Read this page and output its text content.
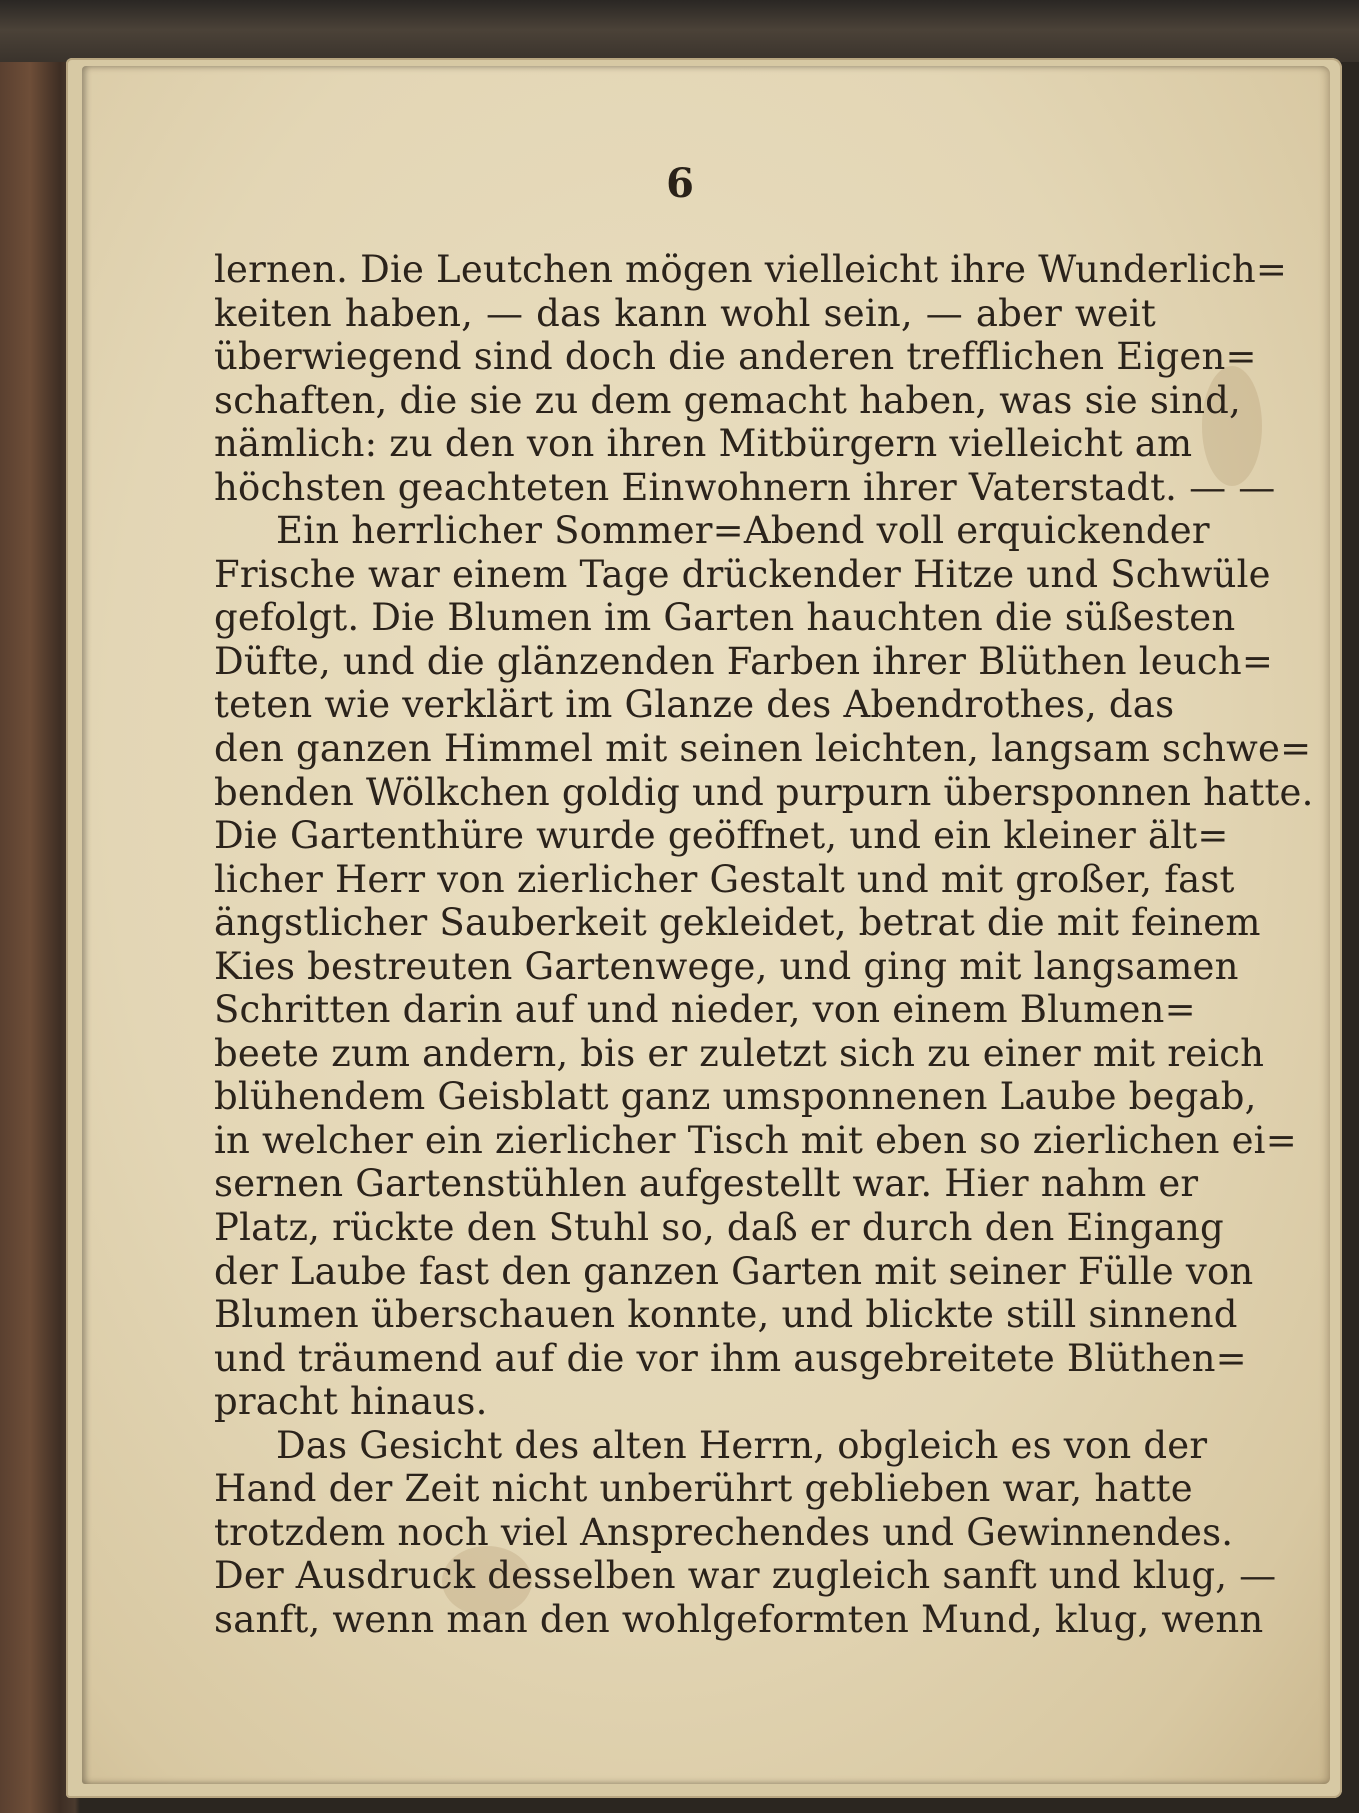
6
lernen. Die Leutchen mögen vielleicht ihre Wunderlich=
keiten haben, — das kann wohl sein, — aber weit
überwiegend sind doch die anderen trefflichen Eigen=
schaften, die sie zu dem gemacht haben, was sie sind,
nämlich: zu den von ihren Mitbürgern vielleicht am
höchsten geachteten Einwohnern ihrer Vaterstadt. — —
Ein herrlicher Sommer=Abend voll erquickender
Frische war einem Tage drückender Hitze und Schwüle
gefolgt. Die Blumen im Garten hauchten die süßesten
Düfte, und die glänzenden Farben ihrer Blüthen leuch=
teten wie verklärt im Glanze des Abendrothes, das
den ganzen Himmel mit seinen leichten, langsam schwe=
benden Wölkchen goldig und purpurn übersponnen hatte.
Die Gartenthüre wurde geöffnet, und ein kleiner ält=
licher Herr von zierlicher Gestalt und mit großer, fast
ängstlicher Sauberkeit gekleidet, betrat die mit feinem
Kies bestreuten Gartenwege, und ging mit langsamen
Schritten darin auf und nieder, von einem Blumen=
beete zum andern, bis er zuletzt sich zu einer mit reich
blühendem Geisblatt ganz umsponnenen Laube begab,
in welcher ein zierlicher Tisch mit eben so zierlichen ei=
sernen Gartenstühlen aufgestellt war. Hier nahm er
Platz, rückte den Stuhl so, daß er durch den Eingang
der Laube fast den ganzen Garten mit seiner Fülle von
Blumen überschauen konnte, und blickte still sinnend
und träumend auf die vor ihm ausgebreitete Blüthen=
pracht hinaus.
Das Gesicht des alten Herrn, obgleich es von der
Hand der Zeit nicht unberührt geblieben war, hatte
trotzdem noch viel Ansprechendes und Gewinnendes.
Der Ausdruck desselben war zugleich sanft und klug, —
sanft, wenn man den wohlgeformten Mund, klug, wenn
